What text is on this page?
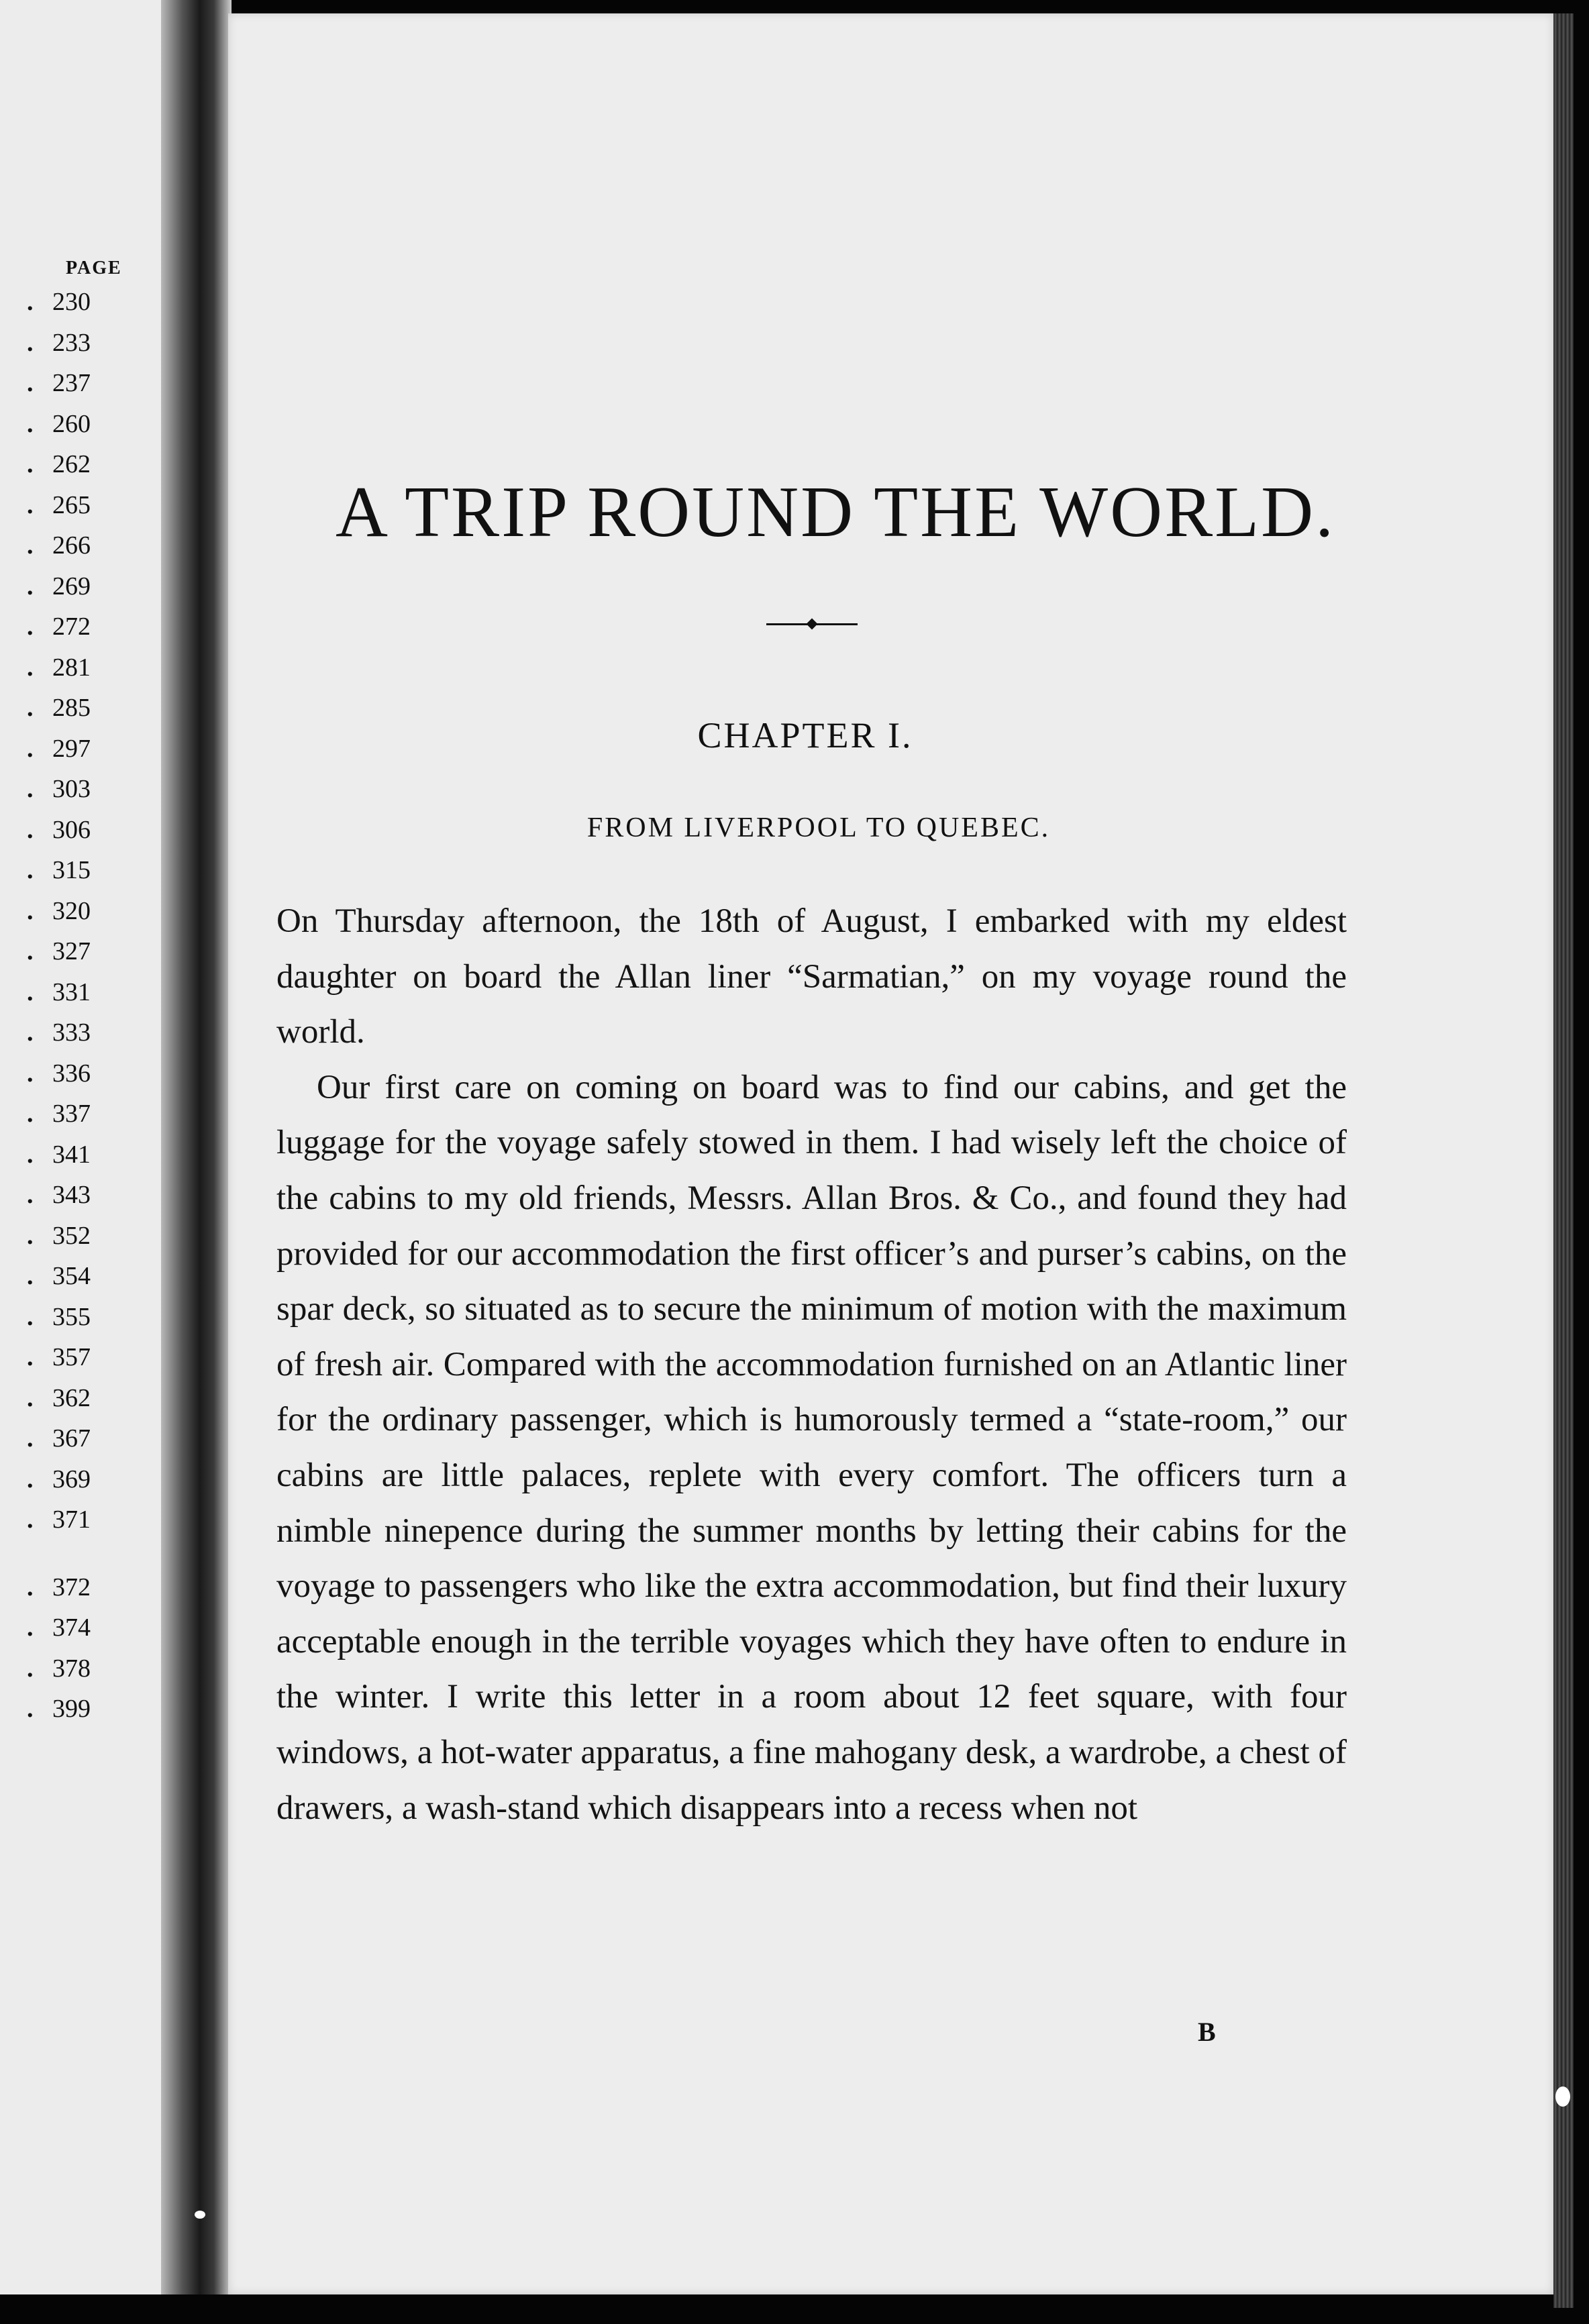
PAGE
. 230
. 233
. 237
. 260
. 262
. 265
. 266
. 269
. 272
. 281
. 285
. 297
. 303
. 306
. 315
. 320
. 327
. 331
. 333
. 336
. 337
. 341
. 343
. 352
. 354
. 355
. 357
. 362
. 367
. 369
. 371
. 372
. 374
. 378
. 399
A TRIP ROUND THE WORLD.
CHAPTER I.
FROM LIVERPOOL TO QUEBEC.

On Thursday afternoon, the 18th of August, I embarked with my eldest daughter on board the Allan liner “Sarmatian,” on my voyage round the world.

Our first care on coming on board was to find our cabins, and get the luggage for the voyage safely stowed in them. I had wisely left the choice of the cabins to my old friends, Messrs. Allan Bros. & Co., and found they had provided for our accommodation the first officer’s and purser’s cabins, on the spar deck, so situated as to secure the minimum of motion with the maximum of fresh air. Compared with the accommodation furnished on an Atlantic liner for the ordinary passenger, which is humorously termed a “state-room,” our cabins are little palaces, replete with every comfort. The officers turn a nimble ninepence during the summer months by letting their cabins for the voyage to passengers who like the extra accommodation, but find their luxury acceptable enough in the terrible voyages which they have often to endure in the winter. I write this letter in a room about 12 feet square, with four windows, a hot-water apparatus, a fine mahogany desk, a wardrobe, a chest of drawers, a wash-stand which disappears into a recess when not

B
